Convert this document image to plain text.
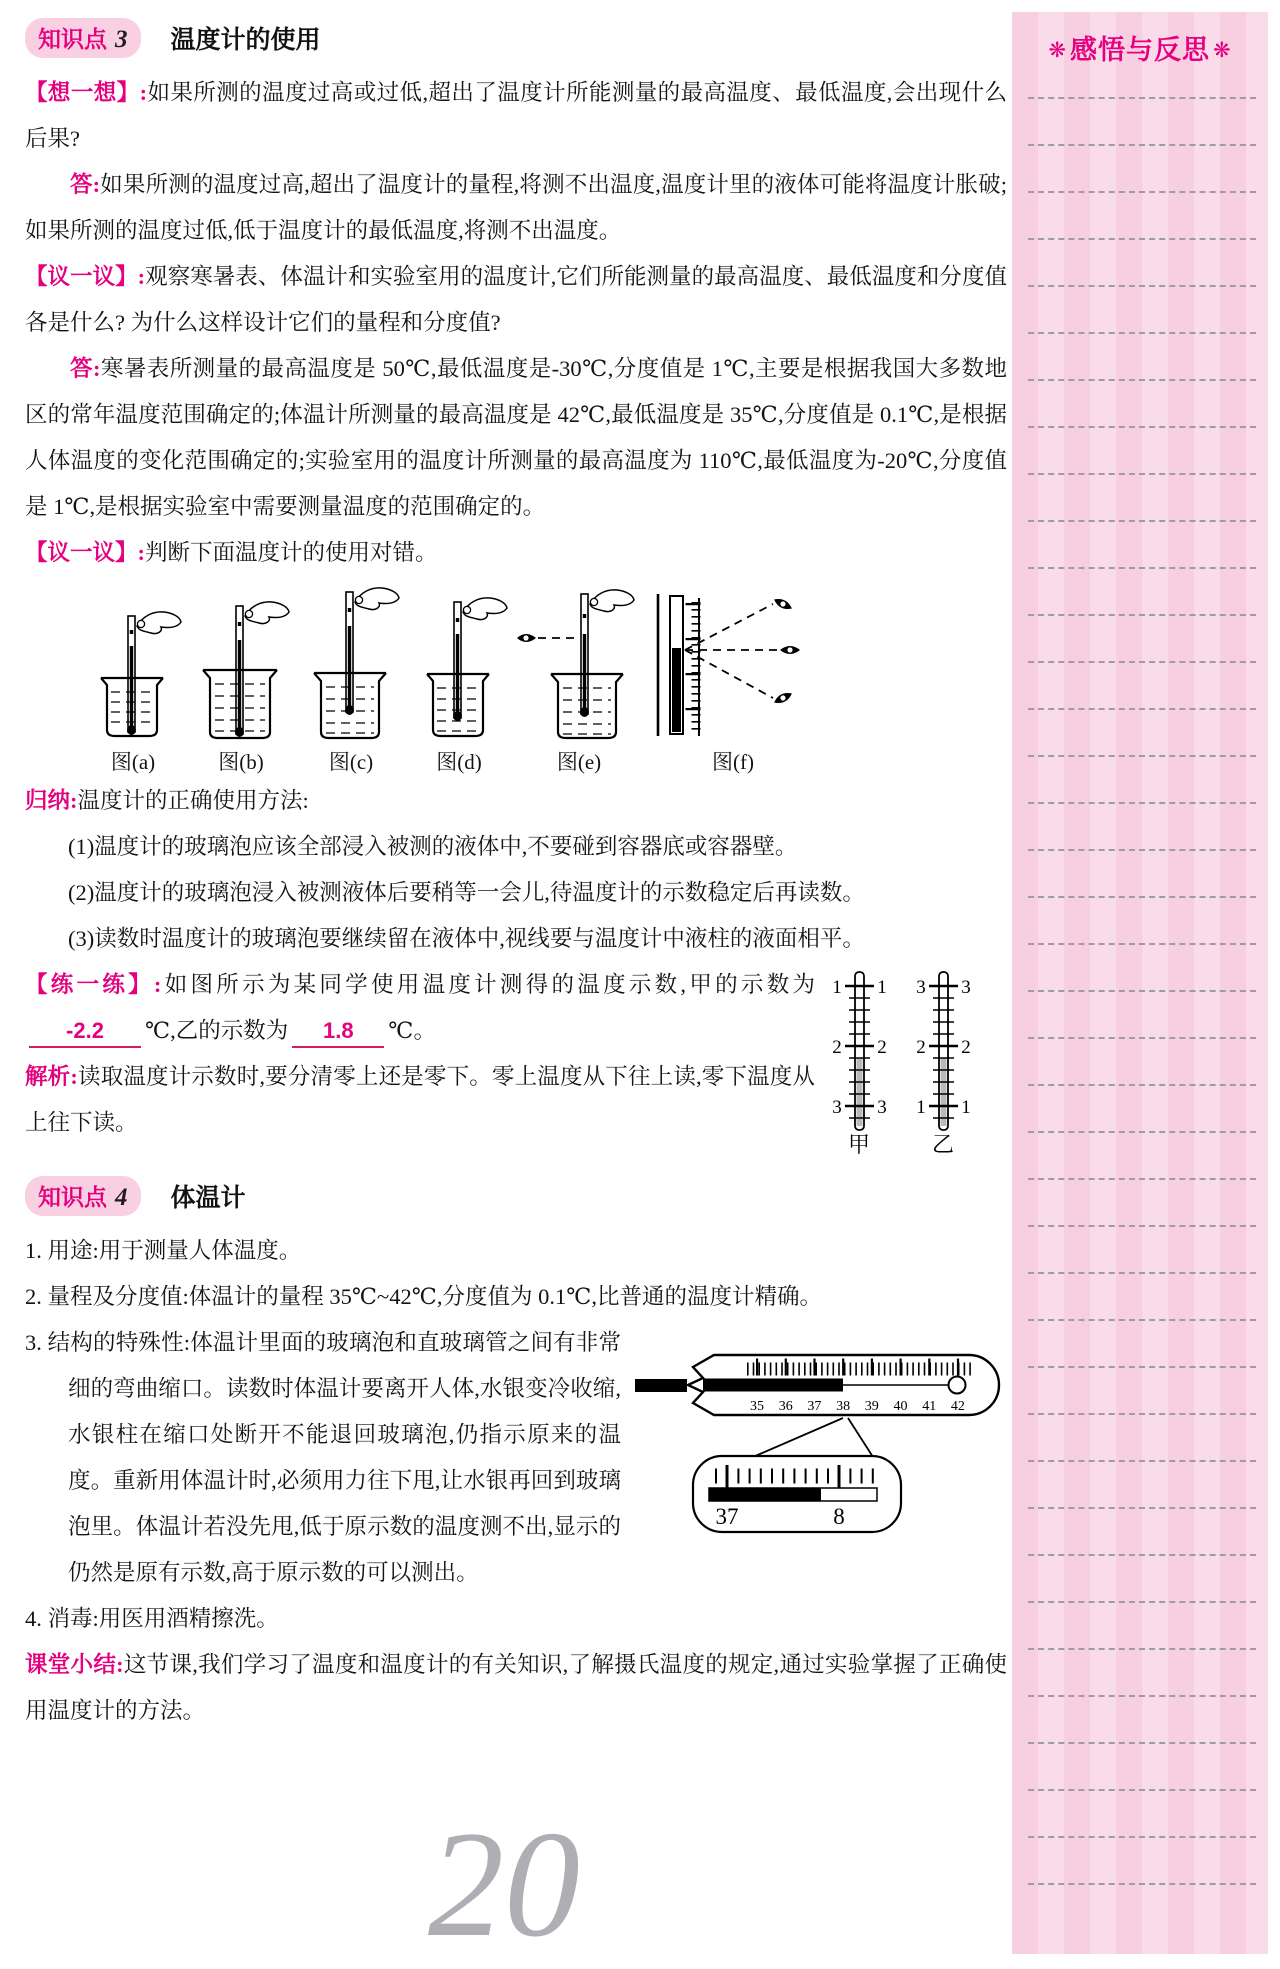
❋ 感悟与反思 ❋
20
知识点 3 温度计的使用

【想一想】:如果所测的温度过高或过低,超出了温度计所能测量的最高温度、最低温度,会出现什么后果?

答:如果所测的温度过高,超出了温度计的量程,将测不出温度,温度计里的液体可能将温度计胀破;如果所测的温度过低,低于温度计的最低温度,将测不出温度。

【议一议】:观察寒暑表、体温计和实验室用的温度计,它们所能测量的最高温度、最低温度和分度值各是什么? 为什么这样设计它们的量程和分度值?

答:寒暑表所测量的最高温度是 50℃,最低温度是-30℃,分度值是 1℃,主要是根据我国大多数地区的常年温度范围确定的;体温计所测量的最高温度是 42℃,最低温度是 35℃,分度值是 0.1℃,是根据人体温度的变化范围确定的;实验室用的温度计所测量的最高温度为 110℃,最低温度为-20℃,分度值是 1℃,是根据实验室中需要测量温度的范围确定的。

【议一议】:判断下面温度计的使用对错。

图(a)	图(b)	图(c)	图(d)	图(e)	图(f)

归纳:温度计的正确使用方法:

(1)温度计的玻璃泡应该全部浸入被测的液体中,不要碰到容器底或容器壁。

(2)温度计的玻璃泡浸入被测液体后要稍等一会儿,待温度计的示数稳定后再读数。

(3)读数时温度计的玻璃泡要继续留在液体中,视线要与温度计中液柱的液面相平。

1 1
2 2
3 3
甲
3 3
2 2
1 1
乙

【练一练】:如图所示为某同学使用温度计测得的温度示数,甲的示数为-2.2 ℃,乙的示数为 1.8 ℃。

解析:读取温度计示数时,要分清零上还是零下。零上温度从下往上读,零下温度从上往下读。

知识点 4 体温计

1. 用途:用于测量人体温度。

2. 量程及分度值:体温计的量程 35℃~42℃,分度值为 0.1℃,比普通的温度计精确。

35 36 37 38 39 40 41 42
37	8

3. 结构的特殊性:体温计里面的玻璃泡和直玻璃管之间有非常细的弯曲缩口。读数时体温计要离开人体,水银变冷收缩,水银柱在缩口处断开不能退回玻璃泡,仍指示原来的温度。重新用体温计时,必须用力往下甩,让水银再回到玻璃泡里。体温计若没先甩,低于原示数的温度测不出,显示的仍然是原有示数,高于原示数的可以测出。

4. 消毒:用医用酒精擦洗。

课堂小结:这节课,我们学习了温度和温度计的有关知识,了解摄氏温度的规定,通过实验掌握了正确使用温度计的方法。
